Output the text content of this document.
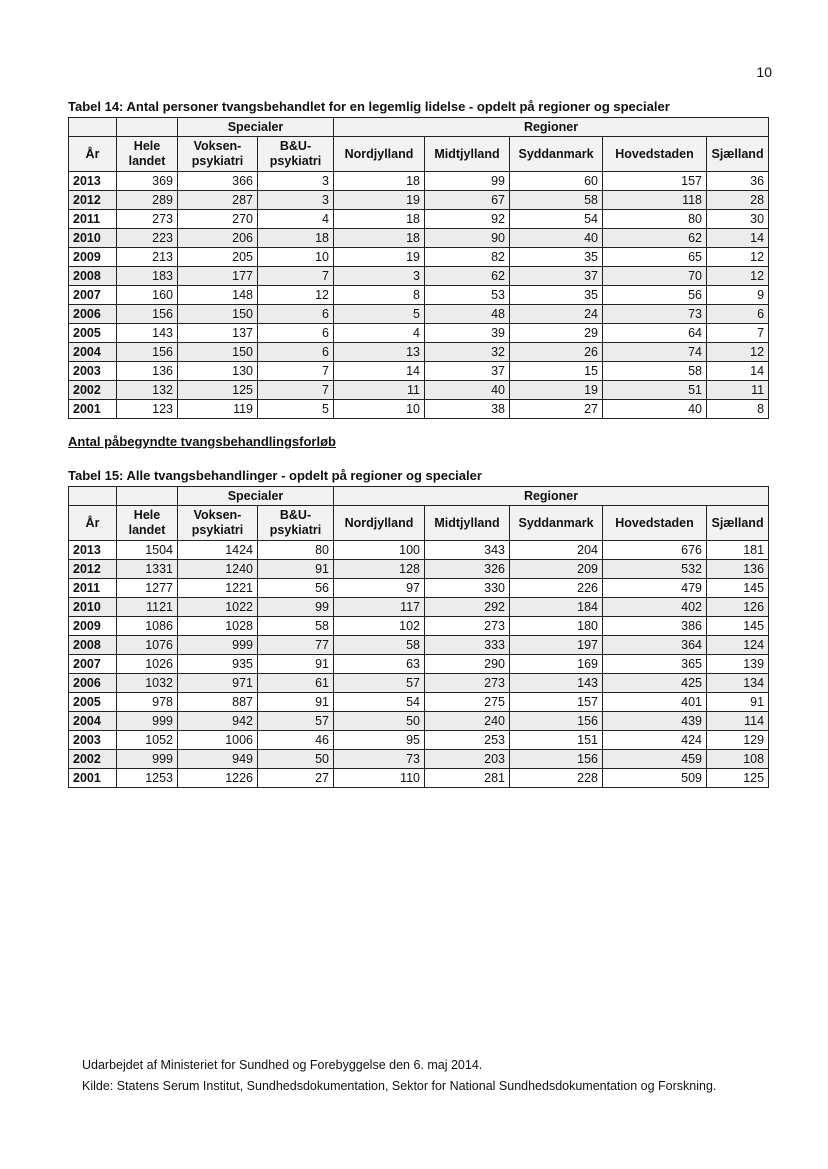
10
Tabel 14: Antal personer tvangsbehandlet for en legemlig lidelse - opdelt på regioner og specialer
		Specialer		Regioner				
År	Hele landet	Voksen-psykiatri	B&U-psykiatri	Nordjylland	Midtjylland	Syddanmark	Hovedstaden	Sjælland
2013	369	366	3	18	99	60	157	36
2012	289	287	3	19	67	58	118	28
2011	273	270	4	18	92	54	80	30
2010	223	206	18	18	90	40	62	14
2009	213	205	10	19	82	35	65	12
2008	183	177	7	3	62	37	70	12
2007	160	148	12	8	53	35	56	9
2006	156	150	6	5	48	24	73	6
2005	143	137	6	4	39	29	64	7
2004	156	150	6	13	32	26	74	12
2003	136	130	7	14	37	15	58	14
2002	132	125	7	11	40	19	51	11
2001	123	119	5	10	38	27	40	8
Antal påbegyndte tvangsbehandlingsforløb
Tabel 15: Alle tvangsbehandlinger - opdelt på regioner og specialer
		Specialer		Regioner				
År	Hele landet	Voksen-psykiatri	B&U-psykiatri	Nordjylland	Midtjylland	Syddanmark	Hovedstaden	Sjælland
2013	1504	1424	80	100	343	204	676	181
2012	1331	1240	91	128	326	209	532	136
2011	1277	1221	56	97	330	226	479	145
2010	1121	1022	99	117	292	184	402	126
2009	1086	1028	58	102	273	180	386	145
2008	1076	999	77	58	333	197	364	124
2007	1026	935	91	63	290	169	365	139
2006	1032	971	61	57	273	143	425	134
2005	978	887	91	54	275	157	401	91
2004	999	942	57	50	240	156	439	114
2003	1052	1006	46	95	253	151	424	129
2002	999	949	50	73	203	156	459	108
2001	1253	1226	27	110	281	228	509	125
Udarbejdet af Ministeriet for Sundhed og Forebyggelse den 6. maj 2014.
Kilde: Statens Serum Institut, Sundhedsdokumentation, Sektor for National Sundhedsdokumentation og Forskning.
